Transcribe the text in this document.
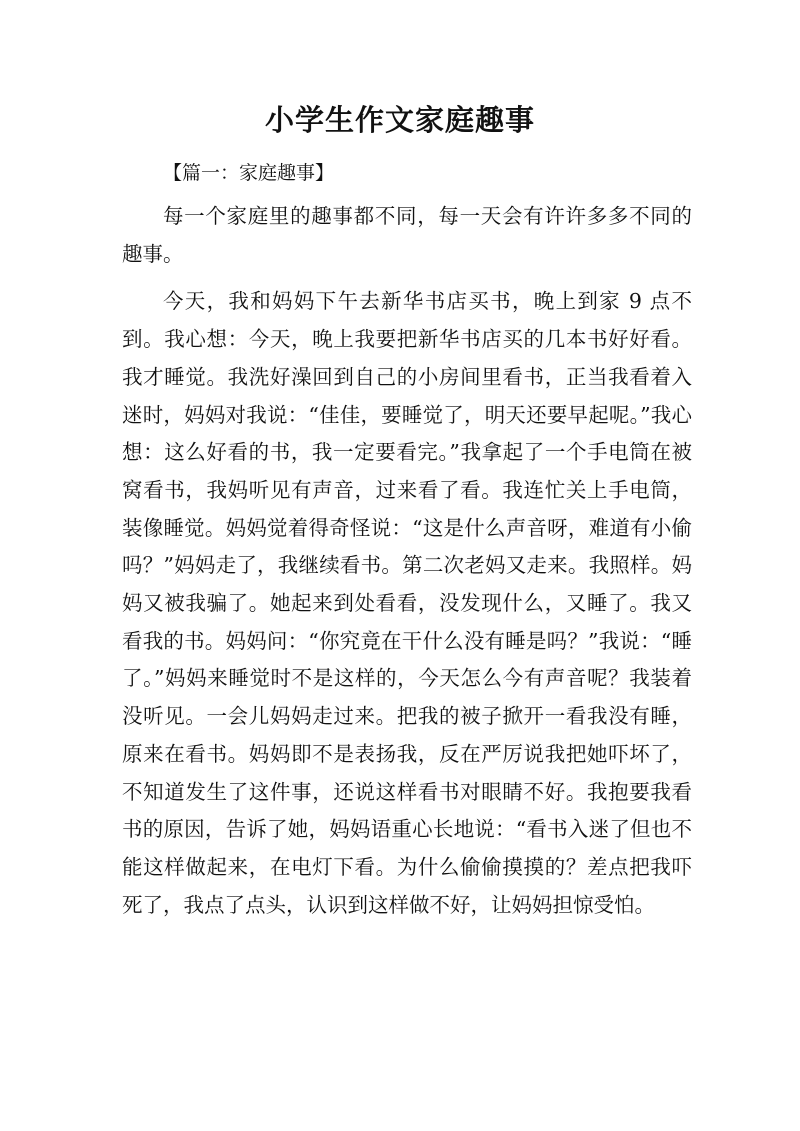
小学生作文家庭趣事
【篇一：家庭趣事】

每一个家庭里的趣事都不同，每一天会有许许多多不同的趣事。

今天，我和妈妈下午去新华书店买书，晚上到家 9 点不到。我心想：今天，晚上我要把新华书店买的几本书好好看。我才睡觉。我洗好澡回到自己的小房间里看书，正当我看着入迷时，妈妈对我说：“佳佳，要睡觉了，明天还要早起呢。”我心想：这么好看的书，我一定要看完。”我拿起了一个手电筒在被窝看书，我妈听见有声音，过来看了看。我连忙关上手电筒，装像睡觉。妈妈觉着得奇怪说：“这是什么声音呀，难道有小偷吗？”妈妈走了，我继续看书。第二次老妈又走来。我照样。妈妈又被我骗了。她起来到处看看，没发现什么，又睡了。我又看我的书。妈妈问：“你究竟在干什么没有睡是吗？”我说：“睡了。”妈妈来睡觉时不是这样的，今天怎么今有声音呢？我装着没听见。一会儿妈妈走过来。把我的被子掀开一看我没有睡，原来在看书。妈妈即不是表扬我，反在严厉说我把她吓坏了，不知道发生了这件事，还说这样看书对眼睛不好。我抱要我看书的原因，告诉了她，妈妈语重心长地说：“看书入迷了但也不能这样做起来，在电灯下看。为什么偷偷摸摸的？差点把我吓死了，我点了点头，认识到这样做不好，让妈妈担惊受怕。
